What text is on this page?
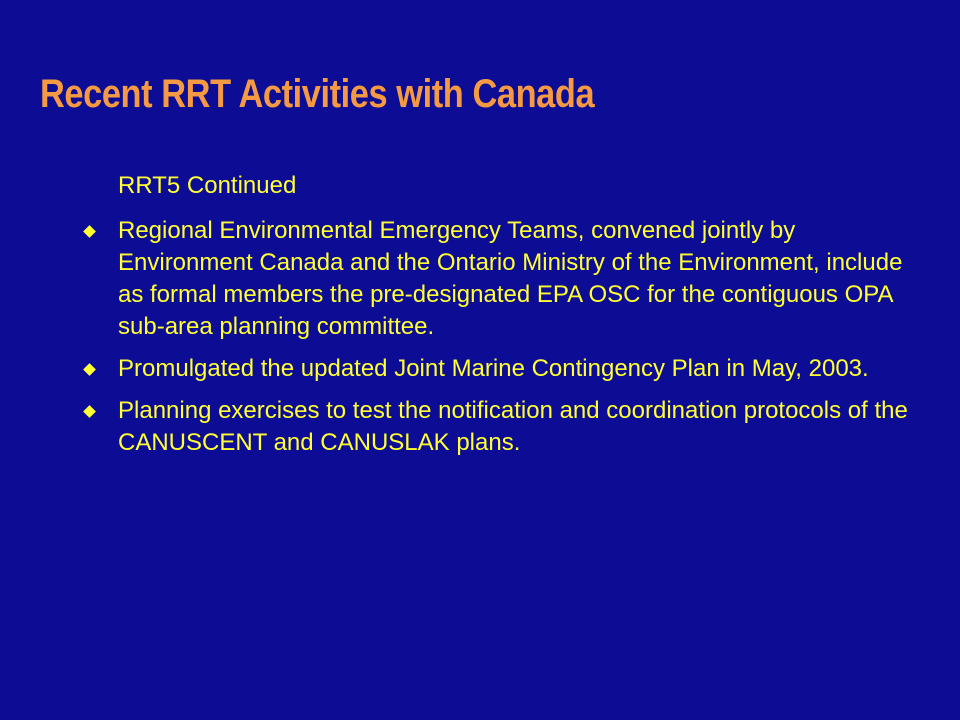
Recent RRT Activities with Canada

RRT5 Continued

Regional Environmental Emergency Teams, convened jointly by Environment Canada and the Ontario Ministry of the Environment, include as formal members the pre-designated EPA OSC for the contiguous OPA sub-area planning committee.
Promulgated the updated Joint Marine Contingency Plan in May, 2003.
Planning exercises to test the notification and coordination protocols of the CANUSCENT and CANUSLAK plans.
